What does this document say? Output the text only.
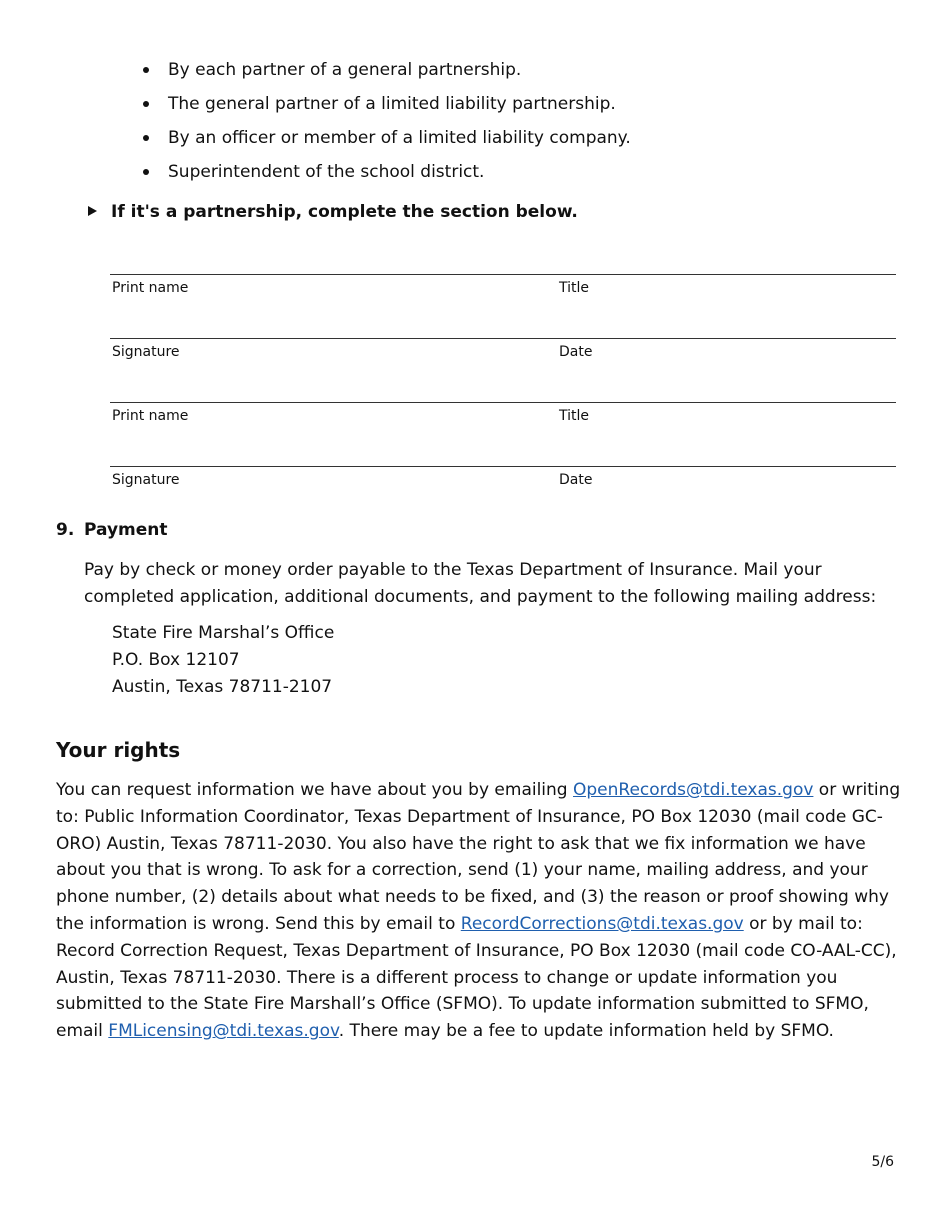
By each partner of a general partnership.
The general partner of a limited liability partnership.
By an officer or member of a limited liability company.
Superintendent of the school district.
If it's a partnership, complete the section below.
Print name	Title
Signature	Date
Print name	Title
Signature	Date
9. Payment

Pay by check or money order payable to the Texas Department of Insurance. Mail your completed application, additional documents, and payment to the following mailing address:

State Fire Marshal’s Office
P.O. Box 12107
Austin, Texas 78711-2107
Your rights

You can request information we have about you by emailing OpenRecords@tdi.texas.gov or writing to: Public Information Coordinator, Texas Department of Insurance, PO Box 12030 (mail code GC-ORO) Austin, Texas 78711-2030. You also have the right to ask that we fix information we have about you that is wrong. To ask for a correction, send (1) your name, mailing address, and your phone number, (2) details about what needs to be fixed, and (3) the reason or proof showing why the information is wrong. Send this by email to RecordCorrections@tdi.texas.gov or by mail to: Record Correction Request, Texas Department of Insurance, PO Box 12030 (mail code CO-AAL-CC), Austin, Texas 78711-2030. There is a different process to change or update information you submitted to the State Fire Marshall’s Office (SFMO). To update information submitted to SFMO, email FMLicensing@tdi.texas.gov. There may be a fee to update information held by SFMO.

5/6
